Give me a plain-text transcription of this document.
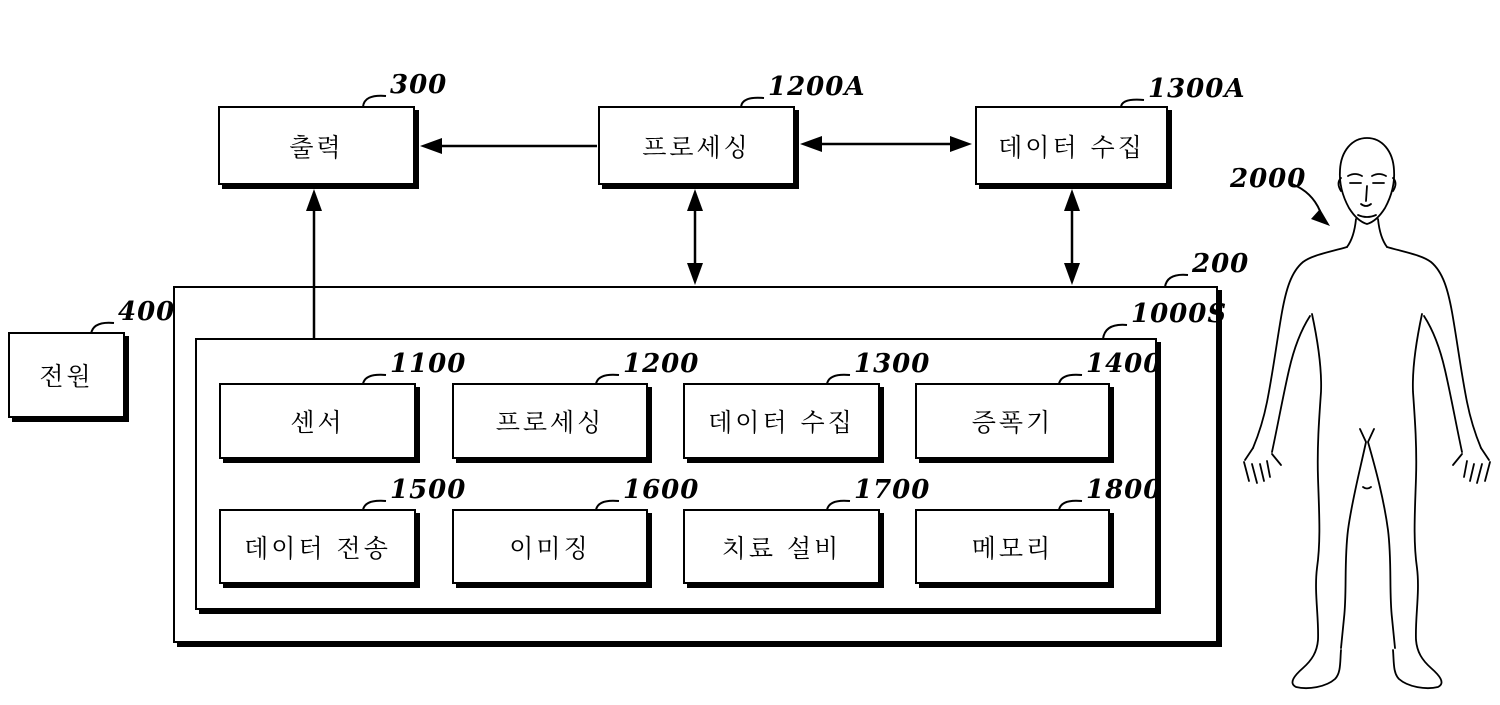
출력	프로세싱	데이터 수집
전원
센서	프로세싱	데이터 수집	증폭기
데이터 전송	이미징	치료 설비	메모리
300	1200A	1300A
400
200
1000S
1100	1200	1300	1400
1500	1600	1700	1800
2000
